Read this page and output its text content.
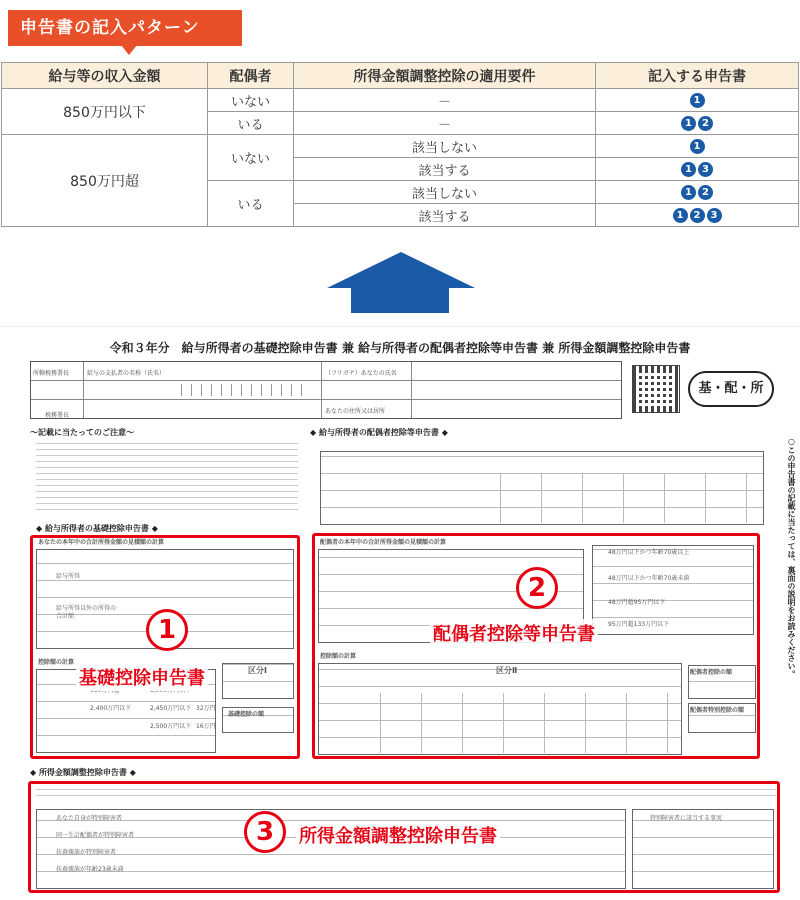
申告書の記入パターン
給与等の収入金額	配偶者	所得金額調整控除の適用要件	記入する申告書
850万円以下	いない	－	1
	いる	－	1 2
850万円超	いない	該当しない	1
		該当する	1 3
	いる	該当しない	1 2
		該当する	1 2 3
令和３年分　給与所得者の基礎控除申告書 兼 給与所得者の配偶者控除等申告書 兼 所得金額調整控除申告書
所轄税務署長	給与の支払者の名称（氏名）	（フリガナ）あなたの氏名
税務署長
あなたの住所又は居所
基・配・所
～記載に当たってのご注意～
◆ 給与所得者の基礎控除申告書 ◆
◆ 給与所得者の配偶者控除等申告書 ◆
あなたの本年中の合計所得金額の見積額の計算
給与所得
給与所得以外の所得の合計額
控除額の計算
2,400万円以下	2,450万円以下
2,500万円以下
32万円
16万円
区分Ⅰ
基礎控除の額
1
基礎控除申告書
配偶者の本年中の合計所得金額の見積額の計算
48万円以下かつ年齢70歳以上
48万円以下かつ年齢70歳未満
48万円超95万円以下
95万円超133万円以下
控除額の計算
区分Ⅱ	配偶者控除の額
配偶者特別控除の額
2
配偶者控除等申告書
◆ 所得金額調整控除申告書 ◆
あなた自身が特別障害者
同一生計配偶者が特別障害者
扶養親族が特別障害者
扶養親族が年齢23歳未満
特別障害者に該当する事実
3	所得金額調整控除申告書
○この申告書の記載に当たっては、裏面の説明をお読みください。
